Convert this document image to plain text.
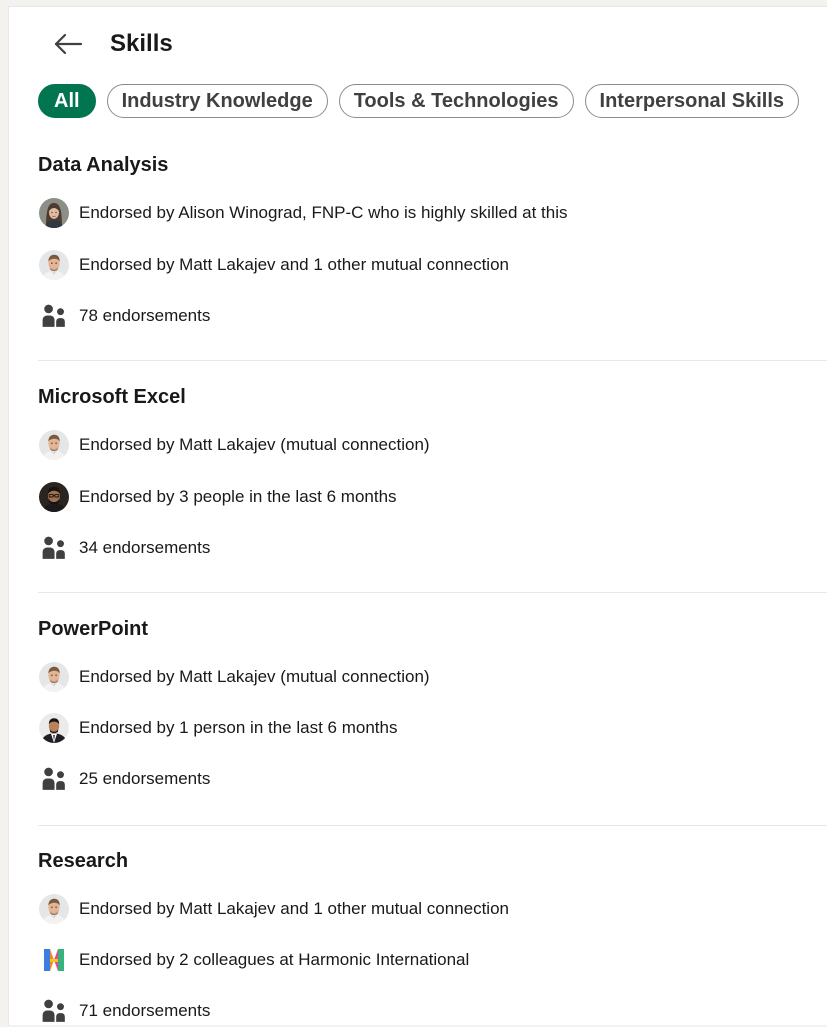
Skills
All	Industry Knowledge	Tools & Technologies	Interpersonal Skills
Data Analysis
Endorsed by Alison Winograd, FNP-C who is highly skilled at this
Endorsed by Matt Lakajev and 1 other mutual connection
78 endorsements
Microsoft Excel
Endorsed by Matt Lakajev (mutual connection)
Endorsed by 3 people in the last 6 months
34 endorsements
PowerPoint
Endorsed by Matt Lakajev (mutual connection)
Endorsed by 1 person in the last 6 months
25 endorsements
Research
Endorsed by Matt Lakajev and 1 other mutual connection
Endorsed by 2 colleagues at Harmonic International
71 endorsements
